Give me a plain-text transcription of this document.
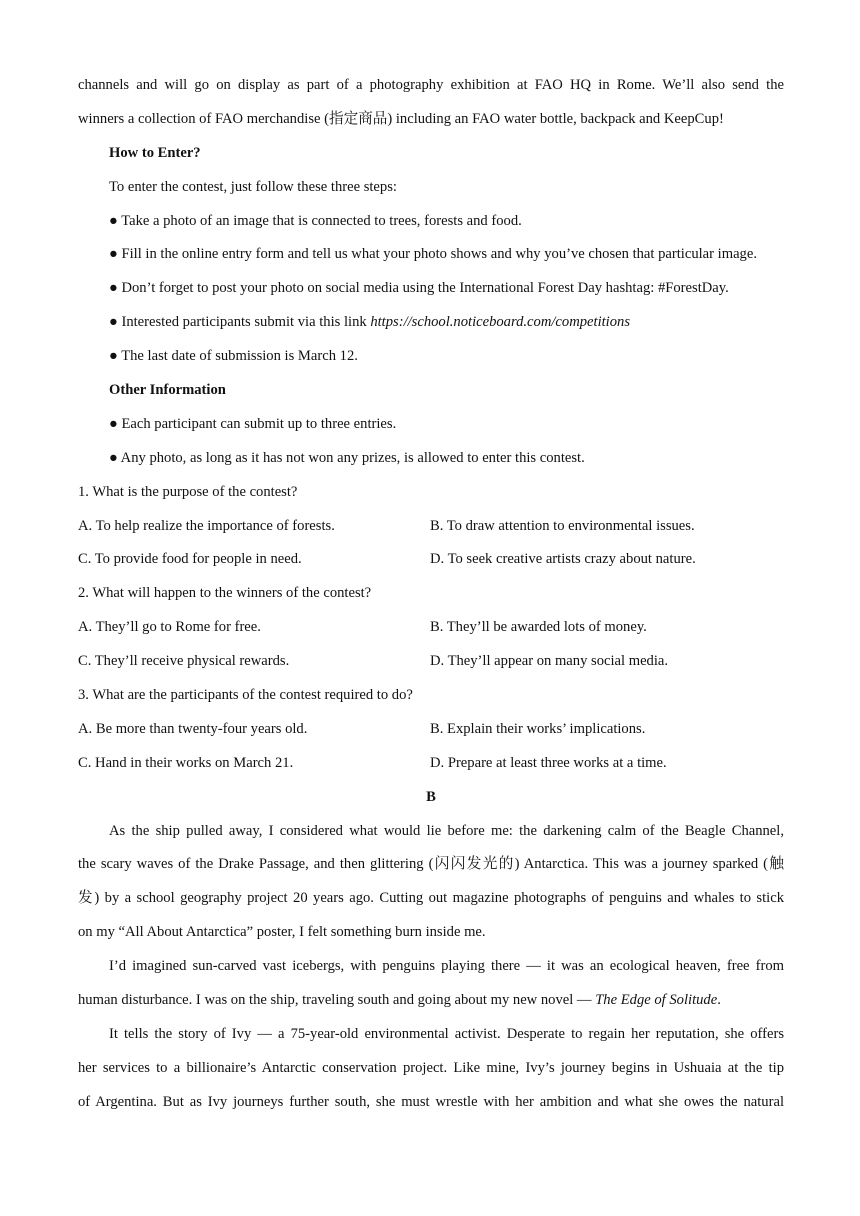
channels and will go on display as part of a photography exhibition at FAO HQ in Rome. We’ll also send the
winners a collection of FAO merchandise (指定商品) including an FAO water bottle, backpack and KeepCup!
How to Enter?
To enter the contest, just follow these three steps:
● Take a photo of an image that is connected to trees, forests and food.
● Fill in the online entry form and tell us what your photo shows and why you’ve chosen that particular image.
● Don’t forget to post your photo on social media using the International Forest Day hashtag: #ForestDay.
● Interested participants submit via this link https://school.noticeboard.com/competitions
● The last date of submission is March 12.
Other Information
● Each participant can submit up to three entries.
● Any photo, as long as it has not won any prizes, is allowed to enter this contest.
1. What is the purpose of the contest?
A. To help realize the importance of forests.	B. To draw attention to environmental issues.
C. To provide food for people in need.	D. To seek creative artists crazy about nature.
2. What will happen to the winners of the contest?
A. They’ll go to Rome for free.	B. They’ll be awarded lots of money.
C. They’ll receive physical rewards.	D. They’ll appear on many social media.
3. What are the participants of the contest required to do?
A. Be more than twenty-four years old.	B. Explain their works’ implications.
C. Hand in their works on March 21.	D. Prepare at least three works at a time.
B
As the ship pulled away, I considered what would lie before me: the darkening calm of the Beagle Channel,
the scary waves of the Drake Passage, and then glittering (闪闪发光的) Antarctica. This was a journey sparked (触
发) by a school geography project 20 years ago. Cutting out magazine photographs of penguins and whales to stick
on my “All About Antarctica” poster, I felt something burn inside me.
I’d imagined sun-carved vast icebergs, with penguins playing there — it was an ecological heaven, free from
human disturbance. I was on the ship, traveling south and going about my new novel — The Edge of Solitude.
It tells the story of Ivy — a 75-year-old environmental activist. Desperate to regain her reputation, she offers
her services to a billionaire’s Antarctic conservation project. Like mine, Ivy’s journey begins in Ushuaia at the tip
of Argentina. But as Ivy journeys further south, she must wrestle with her ambition and what she owes the natural
